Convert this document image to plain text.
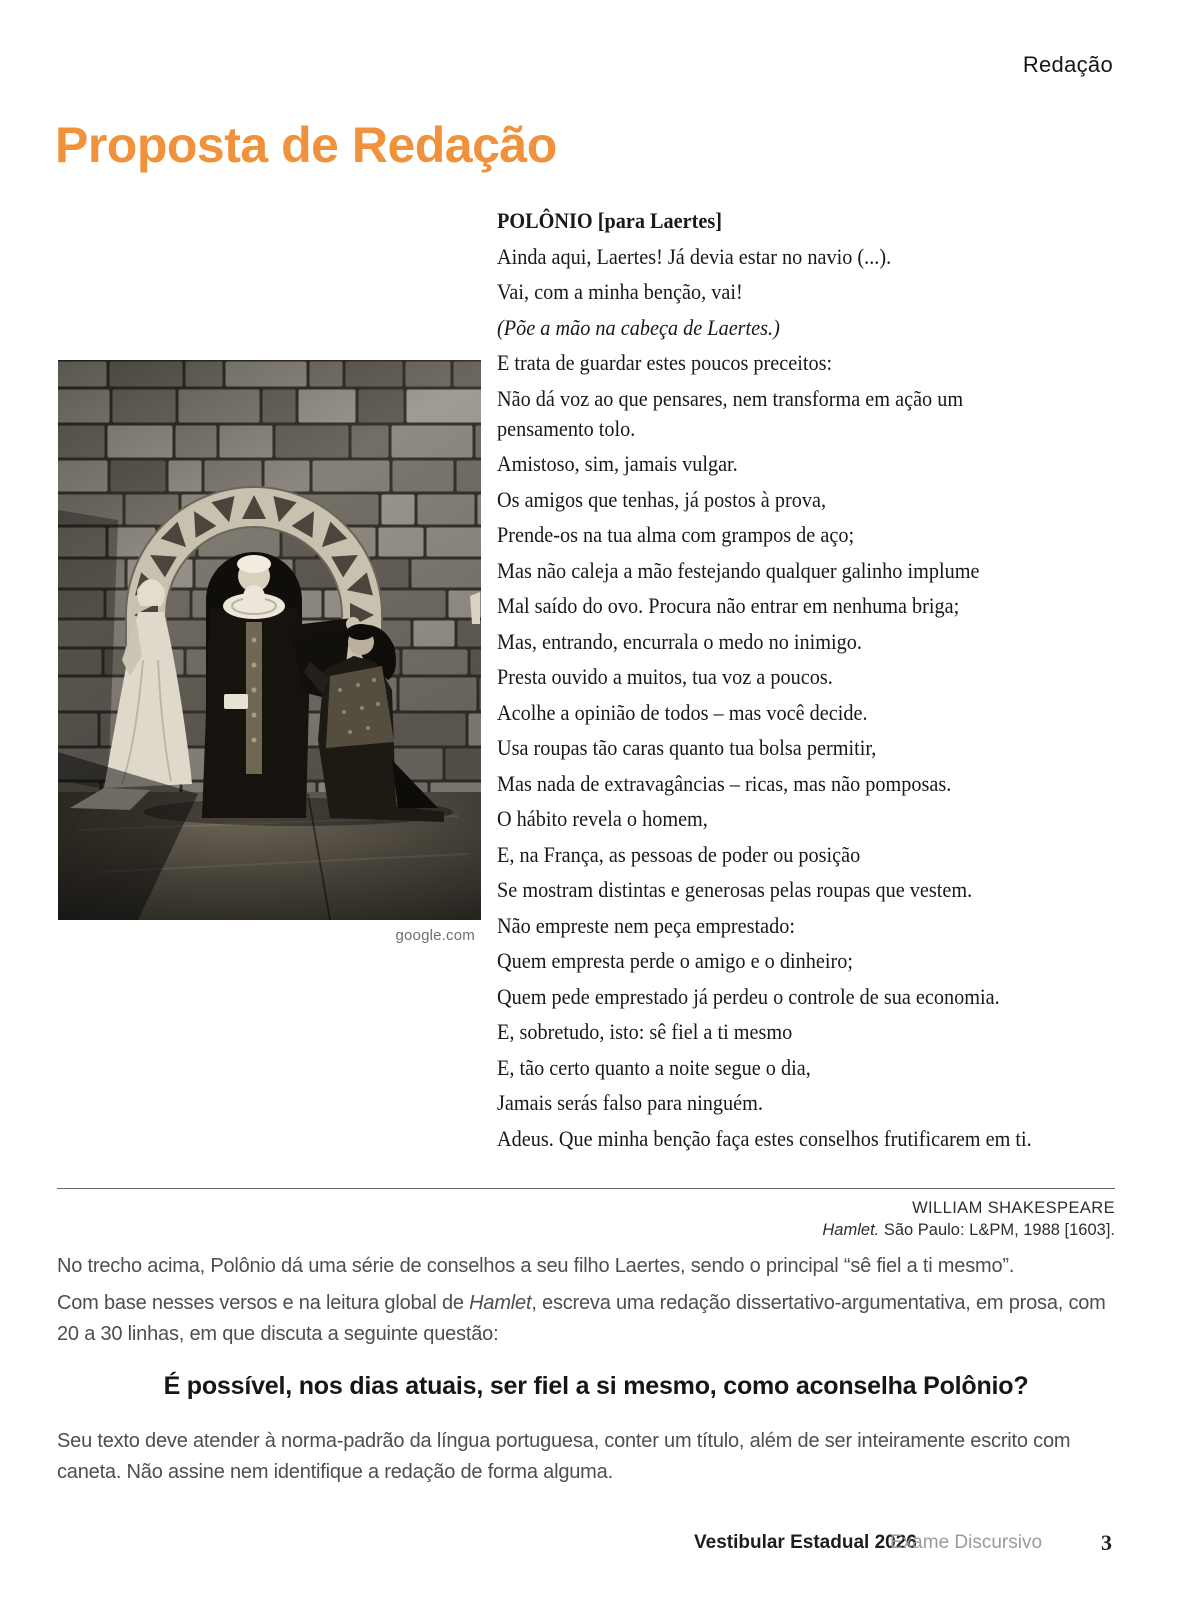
Redação
Proposta de Redação
google.com

POLÔNIO [para Laertes]

Ainda aqui, Laertes! Já devia estar no navio (...).

Vai, com a minha benção, vai!

(Põe a mão na cabeça de Laertes.)

E trata de guardar estes poucos preceitos:

Não dá voz ao que pensares, nem transforma em ação um pensamento tolo.

Amistoso, sim, jamais vulgar.

Os amigos que tenhas, já postos à prova,

Prende-os na tua alma com grampos de aço;

Mas não caleja a mão festejando qualquer galinho implume

Mal saído do ovo. Procura não entrar em nenhuma briga;

Mas, entrando, encurrala o medo no inimigo.

Presta ouvido a muitos, tua voz a poucos.

Acolhe a opinião de todos – mas você decide.

Usa roupas tão caras quanto tua bolsa permitir,

Mas nada de extravagâncias – ricas, mas não pomposas.

O hábito revela o homem,

E, na França, as pessoas de poder ou posição

Se mostram distintas e generosas pelas roupas que vestem.

Não empreste nem peça emprestado:

Quem empresta perde o amigo e o dinheiro;

Quem pede emprestado já perdeu o controle de sua economia.

E, sobretudo, isto: sê fiel a ti mesmo

E, tão certo quanto a noite segue o dia,

Jamais serás falso para ninguém.

Adeus. Que minha benção faça estes conselhos frutificarem em ti.

WILLIAM SHAKESPEARE
Hamlet. São Paulo: L&PM, 1988 [1603].

No trecho acima, Polônio dá uma série de conselhos a seu filho Laertes, sendo o principal “sê fiel a ti mesmo”.

Com base nesses versos e na leitura global de Hamlet, escreva uma redação dissertativo-argumentativa, em prosa, com 20 a 30 linhas, em que discuta a seguinte questão:

É possível, nos dias atuais, ser fiel a si mesmo, como aconselha Polônio?

Seu texto deve atender à norma-padrão da língua portuguesa, conter um título, além de ser inteiramente escrito com caneta. Não assine nem identifique a redação de forma alguma.

Vestibular Estadual 2026
Exame Discursivo	3
